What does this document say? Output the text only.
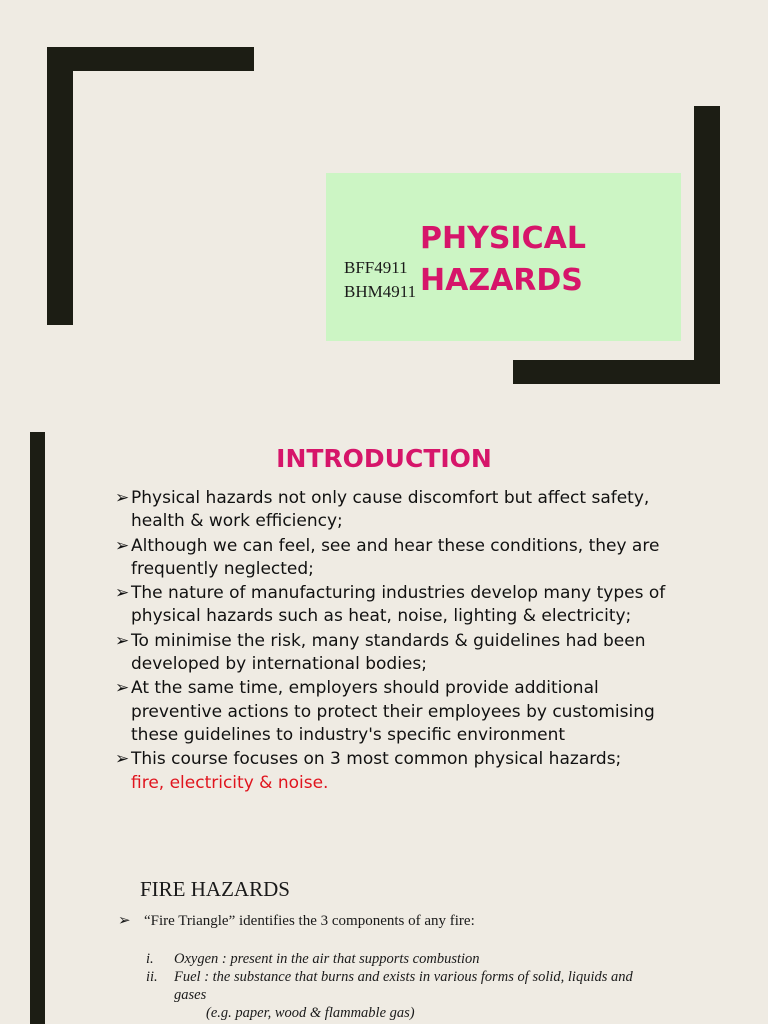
PHYSICAL
HAZARDS
BFF4911
BHM4911
INTRODUCTION
➢ Physical hazards not only cause discomfort but affect safety, health & work efficiency;
➢ Although we can feel, see and hear these conditions, they are frequently neglected;
➢ The nature of manufacturing industries develop many types of physical hazards such as heat, noise, lighting & electricity;
➢ To minimise the risk, many standards & guidelines had been developed by international bodies;
➢ At the same time, employers should provide additional preventive actions to protect their employees by customising these guidelines to industry's specific environment
➢ This course focuses on 3 most common physical hazards;
fire, electricity & noise.
FIRE HAZARDS
➢ “Fire Triangle” identifies the 3 components of any fire:
i. Oxygen : present in the air that supports combustion
ii. Fuel : the substance that burns and exists in various forms of solid, liquids and gases
(e.g. paper, wood & flammable gas)
